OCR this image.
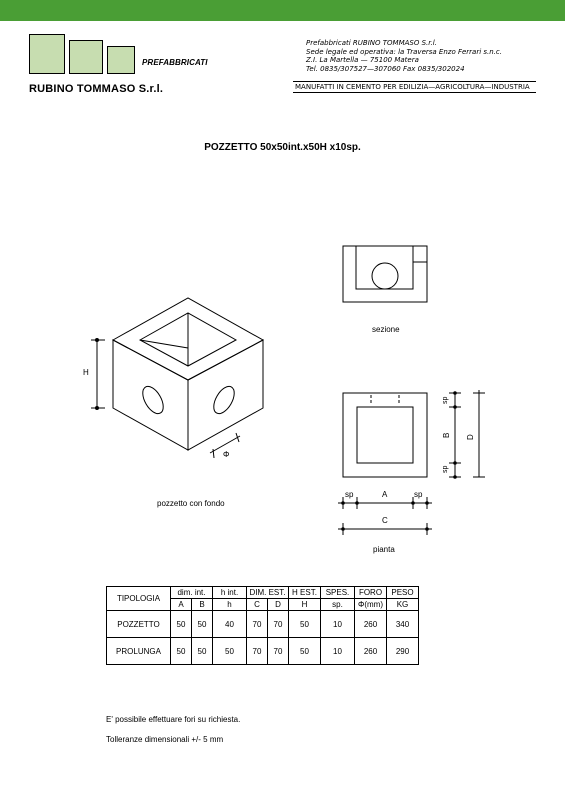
PREFABBRICATI
RUBINO TOMMASO S.r.l.
Prefabbricati RUBINO TOMMASO S.r.l.
Sede legale ed operativa: la Traversa Enzo Ferrari s.n.c.
Z.I. La Martella — 75100 Matera
Tel. 0835/307527—307060 Fax 0835/302024
MANUFATTI IN CEMENTO PER EDILIZIA—AGRICOLTURA—INDUSTRIA
POZZETTO 50x50int.x50H x10sp.
H
Φ
pozzetto con fondo
sezione
sp
sp
B D
sp	A	sp
C
pianta
TIPOLOGIA	dim. int.		h int.	DIM. EST.		H EST.	SPES.	FORO	PESO
	A	B	h	C	D	H	sp.	Φ(mm)	KG
POZZETTO	50	50	40	70	70	50	10	260	340
PROLUNGA	50	50	50	70	70	50	10	260	290
E' possibile effettuare fori su richiesta.
Tolleranze dimensionali +/- 5 mm
